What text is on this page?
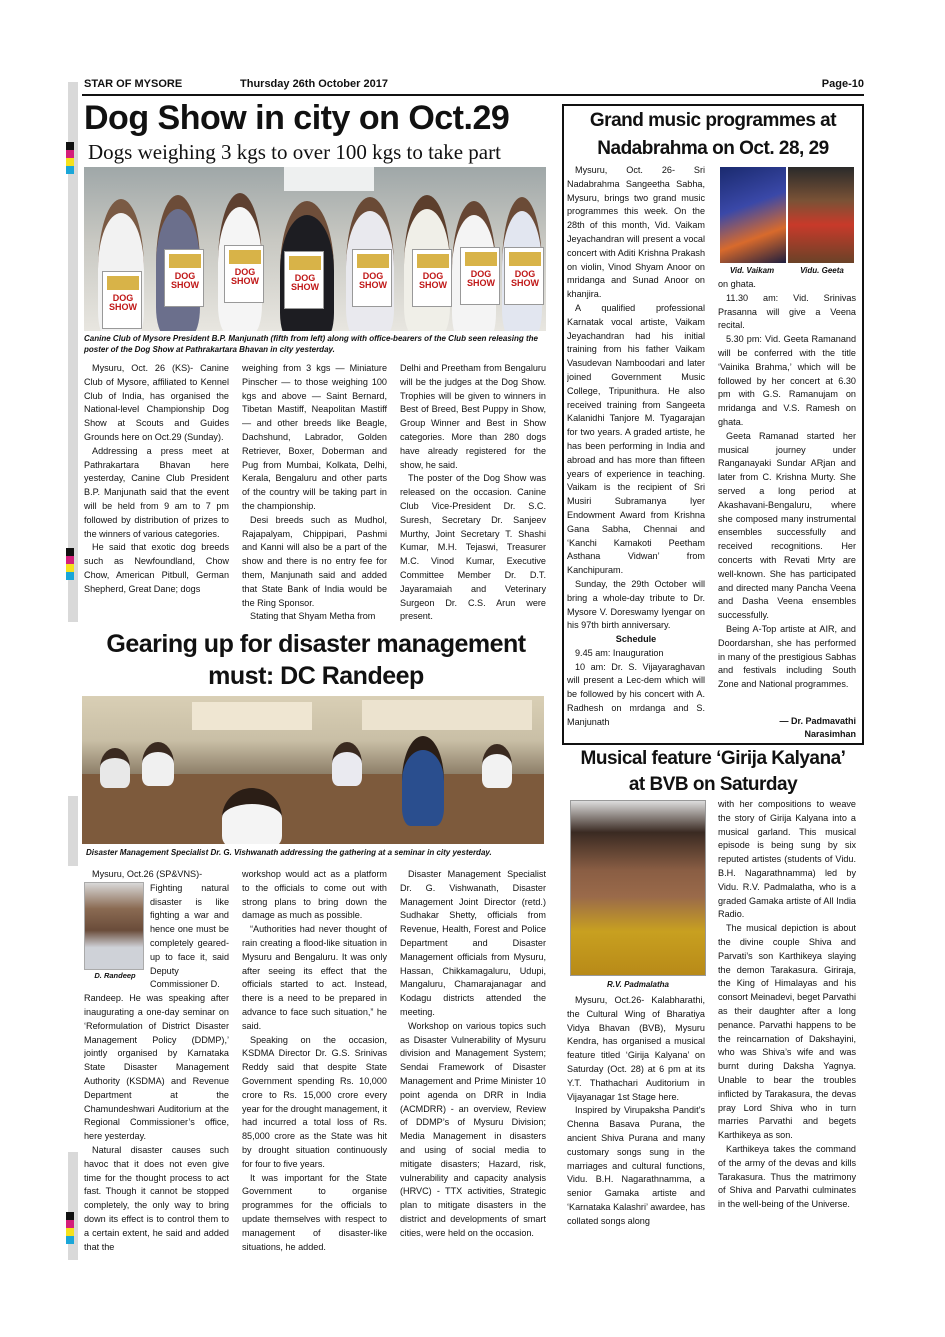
STAR OF MYSORE	Thursday 26th October 2017	Page-10
Dog Show in city on Oct.29
Dogs weighing 3 kgs to over 100 kgs to take part
DOG SHOW
DOG SHOW
DOG SHOW	DOG SHOW
DOG SHOW
DOG SHOW
DOG SHOW
DOG SHOW
Canine Club of Mysore President B.P. Manjunath (fifth from left) along with office-bearers of the Club seen releasing the poster of the Dog Show at Pathrakartara Bhavan in city yesterday.

Mysuru, Oct. 26 (KS)- Canine Club of Mysore, affiliated to Kennel Club of India, has organised the National-level Championship Dog Show at Scouts and Guides Grounds here on Oct.29 (Sunday).

Addressing a press meet at Pathrakartara Bhavan here yesterday, Canine Club President B.P. Manjunath said that the event will be held from 9 am to 7 pm followed by distribution of prizes to the winners of various categories.

He said that exotic dog breeds such as Newfoundland, Chow Chow, American Pitbull, German Shepherd, Great Dane; dogs

weighing from 3 kgs — Miniature Pinscher — to those weighing 100 kgs and above — Saint Bernard, Tibetan Mastiff, Neapolitan Mastiff — and other breeds like Beagle, Dachshund, Labrador, Golden Retriever, Boxer, Doberman and Pug from Mumbai, Kolkata, Delhi, Kerala, Bengaluru and other parts of the country will be taking part in the championship.

Desi breeds such as Mudhol, Rajapalyam, Chippipari, Pashmi and Kanni will also be a part of the show and there is no entry fee for them, Manjunath said and added that State Bank of India would be the Ring Sponsor.

Stating that Shyam Metha from

Delhi and Preetham from Bengaluru will be the judges at the Dog Show. Trophies will be given to winners in Best of Breed, Best Puppy in Show, Group Winner and Best in Show categories. More than 280 dogs have already registered for the show, he said.

The poster of the Dog Show was released on the occasion. Canine Club Vice-President Dr. S.C. Suresh, Secretary Dr. Sanjeev Murthy, Joint Secretary T. Shashi Kumar, M.H. Tejaswi, Treasurer M.C. Vinod Kumar, Executive Committee Member Dr. D.T. Jayaramaiah and Veterinary Surgeon Dr. C.S. Arun were present.

Gearing up for disaster management
must: DC Randeep
Disaster Management Specialist Dr. G. Vishwanath addressing the gathering at a seminar in city yesterday.

Mysuru, Oct.26 (SP&VNS)-

D. Randeep

Fighting natural disaster is like fighting a war and hence one must be completely geared-up to face it, said Deputy Commissioner D.

Randeep. He was speaking after inaugurating a one-day seminar on ‘Reformulation of District Disaster Management Policy (DDMP),’ jointly organised by Karnataka State Disaster Management Authority (KSDMA) and Revenue Department at the Chamundeshwari Auditorium at the Regional Commissioner’s office, here yesterday.

Natural disaster causes such havoc that it does not even give time for the thought process to act fast. Though it cannot be stopped completely, the only way to bring down its effect is to control them to a certain extent, he said and added that the

workshop would act as a platform to the officials to come out with strong plans to bring down the damage as much as possible.

“Authorities had never thought of rain creating a flood-like situation in Mysuru and Bengaluru. It was only after seeing its effect that the officials started to act. Instead, there is a need to be prepared in advance to face such situation,” he said.

Speaking on the occasion, KSDMA Director Dr. G.S. Srinivas Reddy said that despite State Government spending Rs. 10,000 crore to Rs. 15,000 crore every year for the drought management, it had incurred a total loss of Rs. 85,000 crore as the State was hit by drought situation continuously for four to five years.

It was important for the State Government to organise programmes for the officials to update themselves with respect to management of disaster-like situations, he added.

Disaster Management Specialist Dr. G. Vishwanath, Disaster Management Joint Director (retd.) Sudhakar Shetty, officials from Revenue, Health, Forest and Police Department and Disaster Management officials from Mysuru, Hassan, Chikkamagaluru, Udupi, Mangaluru, Chamarajanagar and Kodagu districts attended the meeting.

Workshop on various topics such as Disaster Vulnerability of Mysuru division and Management System; Sendai Framework of Disaster Management and Prime Minister 10 point agenda on DRR in India (ACMDRR) - an overview, Review of DDMP’s of Mysuru Division; Media Management in disasters and using of social media to mitigate disasters; Hazard, risk, vulnerability and capacity analysis (HRVC) - TTX activities, Strategic plan to mitigate disasters in the district and developments of smart cities, were held on the occasion.

Grand music programmes at
Nadabrahma on Oct. 28, 29
Vid. Vaikam	Vidu. Geeta

Mysuru, Oct. 26- Sri Nadabrahma Sangeetha Sabha, Mysuru, brings two grand music programmes this week. On the 28th of this month, Vid. Vaikam Jeyachandran will present a vocal concert with Aditi Krishna Prakash on violin, Vinod Shyam Anoor on mridanga and Sunad Anoor on khanjira.

A qualified professional Karnatak vocal artiste, Vaikam Jeyachandran had his initial training from his father Vaikam Vasudevan Namboodari and later joined Government Music College, Tripunithura. He also received training from Sangeeta Kalanidhi Tanjore M. Tyagarajan for two years. A graded artiste, he has been performing in India and abroad and has more than fifteen years of experience in teaching. Vaikam is the recipient of Sri Musiri Subramanya Iyer Endowment Award from Krishna Gana Sabha, Chennai and ‘Kanchi Kamakoti Peetham Asthana Vidwan’ from Kanchipuram.

Sunday, the 29th October will bring a whole-day tribute to Dr. Mysore V. Doreswamy Iyengar on his 97th birth anniversary.

Schedule

9.45 am: Inauguration

10 am: Dr. S. Vijayaraghavan will present a Lec-dem which will be followed by his concert with A. Radhesh on mrdanga and S. Manjunath

on ghata.

11.30 am: Vid. Srinivas Prasanna will give a Veena recital.

5.30 pm: Vid. Geeta Ramanand will be conferred with the title ‘Vainika Brahma,’ which will be followed by her concert at 6.30 pm with G.S. Ramanujam on mridanga and V.S. Ramesh on ghata.

Geeta Ramanad started her musical journey under Ranganayaki Sundar ARjan and later from C. Krishna Murty. She served a long period at Akashavani-Bengaluru, where she composed many instrumental ensembles successfully and received recognitions. Her concerts with Revati Mrty are well-known. She has participated and directed many Pancha Veena and Dasha Veena ensembles successfully.

Being A-Top artiste at AIR, and Doordarshan, she has performed in many of the prestigious Sabhas and festivals including South Zone and National programmes.

— Dr. Padmavathi
Narasimhan
Musical feature ‘Girija Kalyana’
at BVB on Saturday
R.V. Padmalatha

Mysuru, Oct.26- Kalabharathi, the Cultural Wing of Bharatiya Vidya Bhavan (BVB), Mysuru Kendra, has organised a musical feature titled ‘Girija Kalyana’ on Saturday (Oct. 28) at 6 pm at its Y.T. Thathachari Auditorium in Vijayanagar 1st Stage here.

Inspired by Virupaksha Pandit’s Chenna Basava Purana, the ancient Shiva Purana and many customary songs sung in the marriages and cultural functions, Vidu. B.H. Nagarathnamma, a senior Gamaka artiste and ‘Karnataka Kalashri’ awardee, has collated songs along

with her compositions to weave the story of Girija Kalyana into a musical garland. This musical episode is being sung by six reputed artistes (students of Vidu. B.H. Nagarathnamma) led by Vidu. R.V. Padmalatha, who is a graded Gamaka artiste of All India Radio.

The musical depiction is about the divine couple Shiva and Parvati’s son Karthikeya slaying the demon Tarakasura. Giriraja, the King of Himalayas and his consort Meinadevi, beget Parvathi as their daughter after a long penance. Parvathi happens to be the reincarnation of Dakshayini, who was Shiva’s wife and was burnt during Daksha Yagnya. Unable to bear the troubles inflicted by Tarakasura, the devas pray Lord Shiva who in turn marries Parvathi and begets Karthikeya as son.

Karthikeya takes the command of the army of the devas and kills Tarakasura. Thus the matrimony of Shiva and Parvathi culminates in the well-being of the Universe.
